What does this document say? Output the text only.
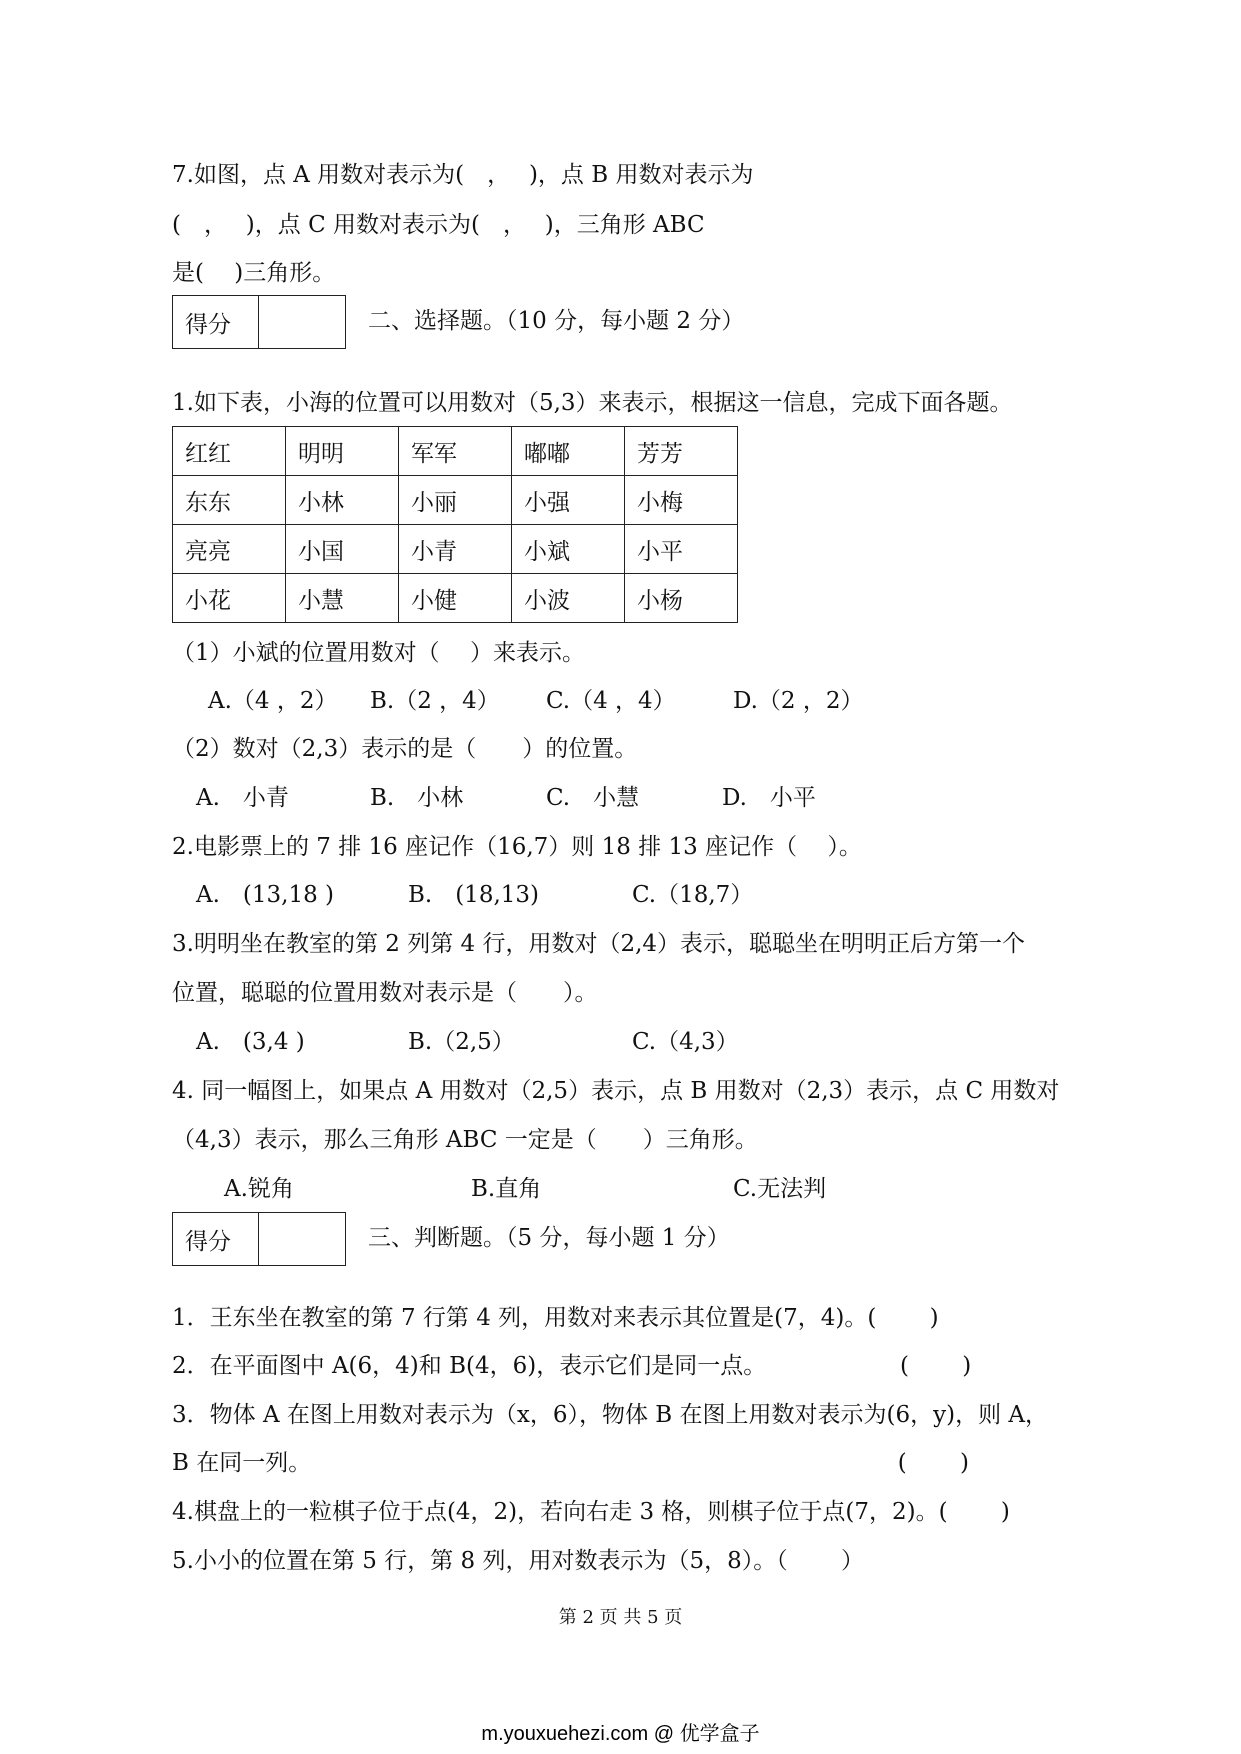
7.如图，点 A 用数对表示为(　，　 )，点 B 用数对表示为
(　，　 )，点 C 用数对表示为(　，　 )，三角形 ABC
是(　 )三角形。
得分	二、选择题。（10 分，每小题 2 分）
1.如下表，小海的位置可以用数对（5,3）来表示，根据这一信息，完成下面各题。
红红	明明	军军	嘟嘟	芳芳
东东	小林	小丽	小强	小梅
亮亮	小国	小青	小斌	小平
小花	小慧	小健	小波	小杨
（1）小斌的位置用数对（　 ）来表示。
A.（4 ，2） B.（2 ，4） C.（4 ，4） D.（2 ，2）
（2）数对（2,3）表示的是（　　）的位置。
A.　小青	B.　小林	C.　小慧	D.　小平
2.电影票上的 7 排 16 座记作（16,7）则 18 排 13 座记作（　 ）。
A.　(13,18 )	B.　(18,13)	C.（18,7）
3.明明坐在教室的第 2 列第 4 行，用数对（2,4）表示，聪聪坐在明明正后方第一个
位置，聪聪的位置用数对表示是（　　）。
A.　(3,4 )	B.（2,5）	C.（4,3）
4. 同一幅图上，如果点 A 用数对（2,5）表示，点 B 用数对（2,3）表示，点 C 用数对
（4,3）表示，那么三角形 ABC 一定是（　　）三角形。
A.锐角	B.直角	C.无法判
得分	三、判断题。（5 分，每小题 1 分）
1．王东坐在教室的第 7 行第 4 列，用数对来表示其位置是(7，4)。(　　 )
2．在平面图中 A(6，4)和 B(4，6)，表示它们是同一点。　　　　　　 (　　 )
3．物体 A 在图上用数对表示为（x，6），物体 B 在图上用数对表示为(6，y)，则 A，
B 在同一列。　　　　　　　　　　　　　　　　　　　　　　　　　　(　　 )
4.棋盘上的一粒棋子位于点(4，2)，若向右走 3 格，则棋子位于点(7，2)。(　　 )
5.小小的位置在第 5 行，第 8 列，用对数表示为（5，8）。（　　 ）
第 2 页 共 5 页
m.youxuehezi.com @ 优学盒子
